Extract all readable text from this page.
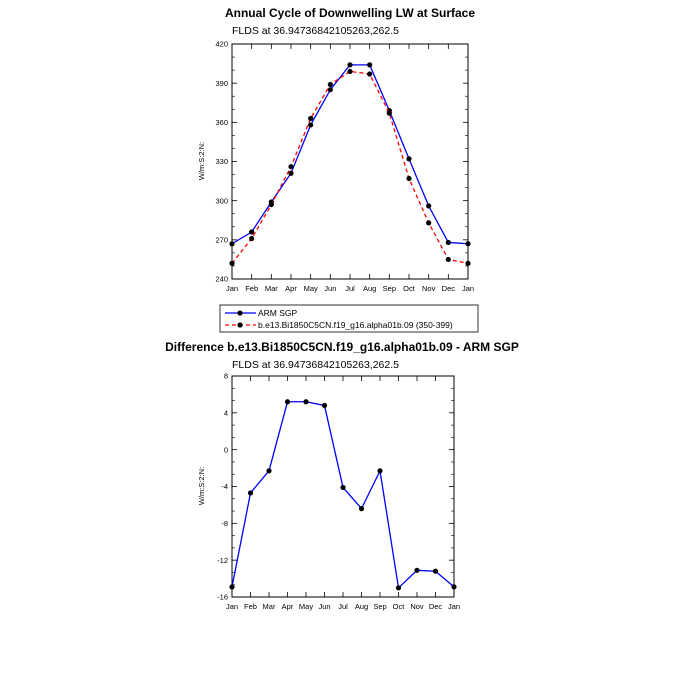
Annual Cycle of Downwelling LW at Surface
FLDS at 36.94736842105263,262.5
W/m:S:2:N:
240
270
300
330
360
390
420
Jan Feb Mar Apr May Jun Jul Aug Sep Oct Nov Dec Jan
ARM SGP
b.e13.Bi1850C5CN.f19_g16.alpha01b.09 (350-399)
Difference b.e13.Bi1850C5CN.f19_g16.alpha01b.09 - ARM SGP
FLDS at 36.94736842105263,262.5
W/m:S:2:N:
-16
-12
-8
-4
0
4
8
Jan Feb Mar Apr May Jun Jul Aug Sep Oct Nov Dec Jan
